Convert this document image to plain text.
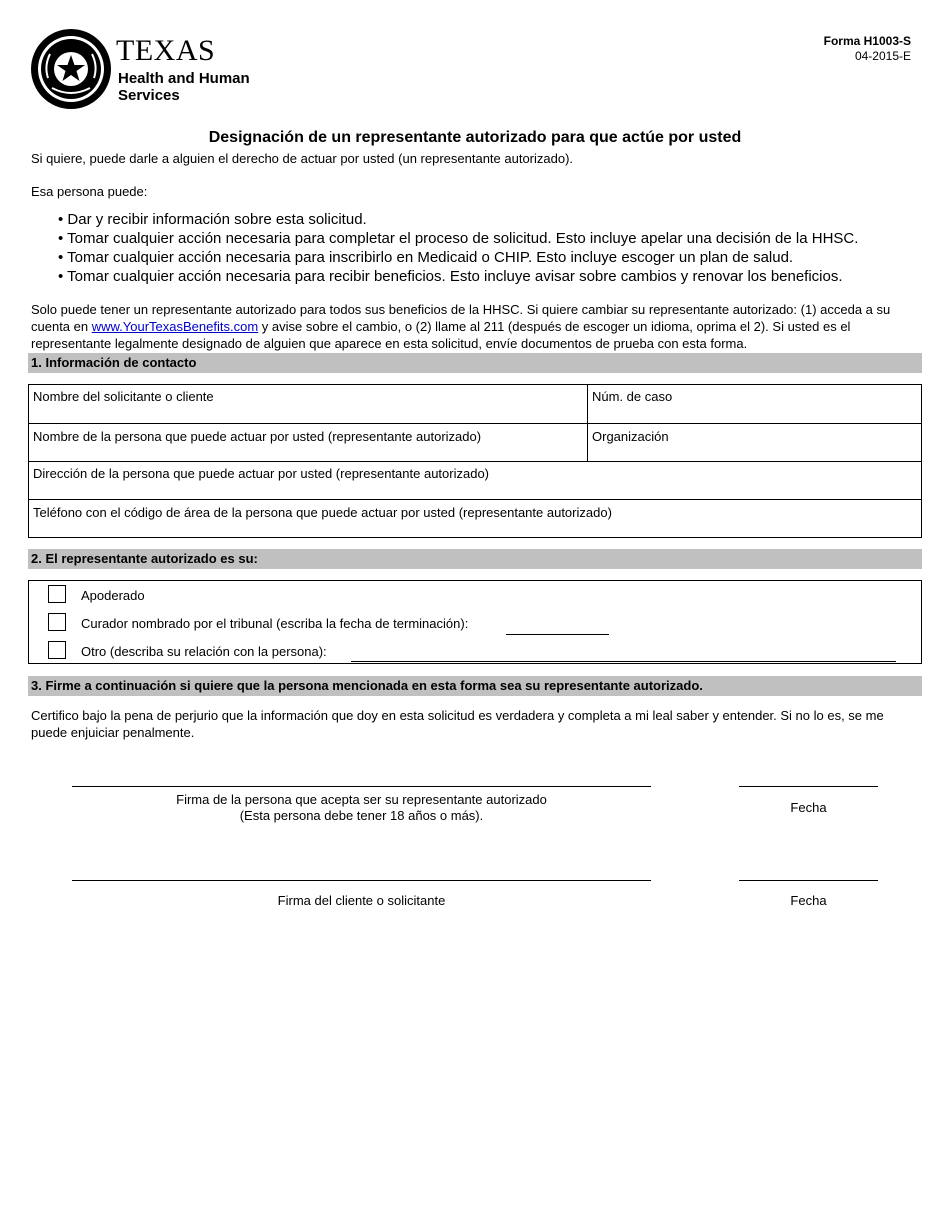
TEXAS
Health and Human
Services
Forma H1003-S
04-2015-E
Designación de un representante autorizado para que actúe por usted
Si quiere, puede darle a alguien el derecho de actuar por usted (un representante autorizado).
Esa persona puede:
• Dar y recibir información sobre esta solicitud.
• Tomar cualquier acción necesaria para completar el proceso de solicitud. Esto incluye apelar una decisión de la HHSC.
• Tomar cualquier acción necesaria para inscribirlo en Medicaid o CHIP. Esto incluye escoger un plan de salud.
• Tomar cualquier acción necesaria para recibir beneficios. Esto incluye avisar sobre cambios y renovar los beneficios.
Solo puede tener un representante autorizado para todos sus beneficios de la HHSC. Si quiere cambiar su representante autorizado: (1) acceda a su cuenta en www.YourTexasBenefits.com y avise sobre el cambio, o (2) llame al 211 (después de escoger un idioma, oprima el 2). Si usted es el representante legalmente designado de alguien que aparece en esta solicitud, envíe documentos de prueba con esta forma.
1. Información de contacto
Nombre del solicitante o cliente	Núm. de caso
Nombre de la persona que puede actuar por usted (representante autorizado)	Organización
Dirección de la persona que puede actuar por usted (representante autorizado)
Teléfono con el código de área de la persona que puede actuar por usted (representante autorizado)
2. El representante autorizado es su:
Apoderado
Curador nombrado por el tribunal (escriba la fecha de terminación):
Otro (describa su relación con la persona):
3. Firme a continuación si quiere que la persona mencionada en esta forma sea su representante autorizado.
Certifico bajo la pena de perjurio que la información que doy en esta solicitud es verdadera y completa a mi leal saber y entender. Si no lo es, se me puede enjuiciar penalmente.
Firma de la persona que acepta ser su representante autorizado
(Esta persona debe tener 18 años o más).
Fecha
Firma del cliente o solicitante	Fecha
